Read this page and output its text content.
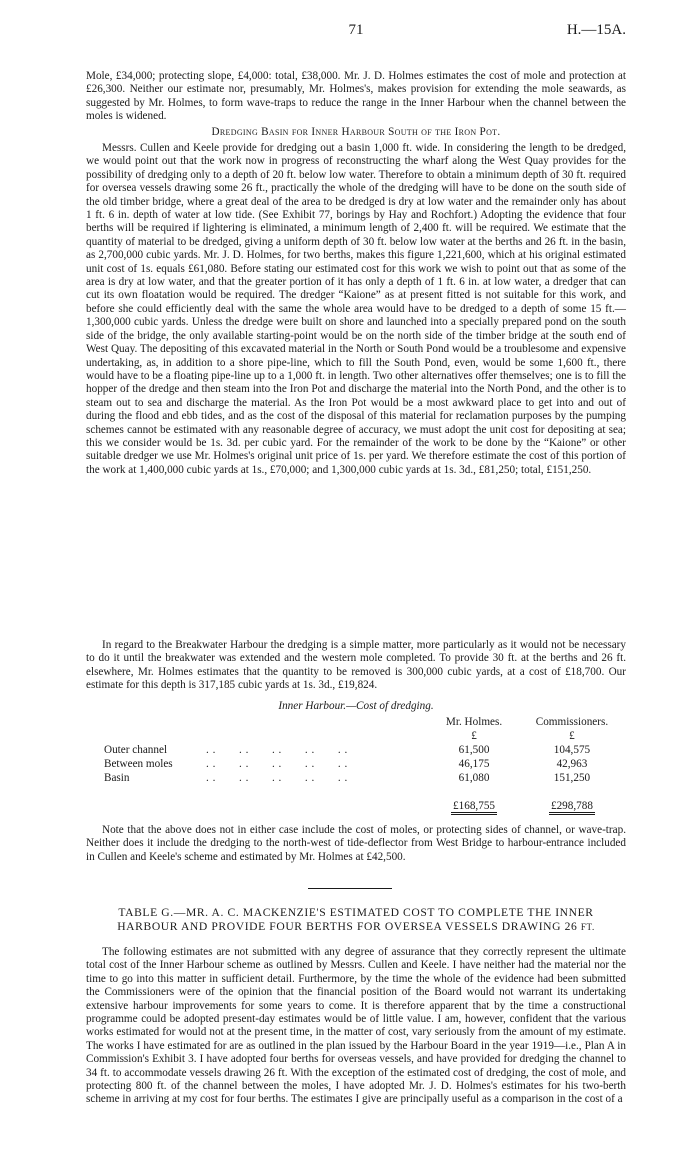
71	H.—15A.
Mole, £34,000; protecting slope, £4,000: total, £38,000. Mr. J. D. Holmes estimates the cost of mole and protection at £26,300. Neither our estimate nor, presumably, Mr. Holmes's, makes provision for extending the mole seawards, as suggested by Mr. Holmes, to form wave-traps to reduce the range in the Inner Harbour when the channel between the moles is widened.
Dredging Basin for Inner Harbour South of the Iron Pot.
Messrs. Cullen and Keele provide for dredging out a basin 1,000 ft. wide. In considering the length to be dredged, we would point out that the work now in progress of reconstructing the wharf along the West Quay provides for the possibility of dredging only to a depth of 20 ft. below low water. Therefore to obtain a minimum depth of 30 ft. required for oversea vessels drawing some 26 ft., practically the whole of the dredging will have to be done on the south side of the old timber bridge, where a great deal of the area to be dredged is dry at low water and the remainder only has about 1 ft. 6 in. depth of water at low tide. (See Exhibit 77, borings by Hay and Rochfort.) Adopting the evidence that four berths will be required if lightering is eliminated, a minimum length of 2,400 ft. will be required. We estimate that the quantity of material to be dredged, giving a uniform depth of 30 ft. below low water at the berths and 26 ft. in the basin, as 2,700,000 cubic yards. Mr. J. D. Holmes, for two berths, makes this figure 1,221,600, which at his original estimated unit cost of 1s. equals £61,080. Before stating our estimated cost for this work we wish to point out that as some of the area is dry at low water, and that the greater portion of it has only a depth of 1 ft. 6 in. at low water, a dredger that can cut its own floatation would be required. The dredger “Kaione” as at present fitted is not suitable for this work, and before she could efficiently deal with the same the whole area would have to be dredged to a depth of some 15 ft.—1,300,000 cubic yards. Unless the dredge were built on shore and launched into a specially prepared pond on the south side of the bridge, the only available starting-point would be on the north side of the timber bridge at the south end of West Quay. The depositing of this excavated material in the North or South Pond would be a troublesome and expensive undertaking, as, in addition to a shore pipe-line, which to fill the South Pond, even, would be some 1,600 ft., there would have to be a floating pipe-line up to a 1,000 ft. in length. Two other alternatives offer themselves; one is to fill the hopper of the dredge and then steam into the Iron Pot and discharge the material into the North Pond, and the other is to steam out to sea and discharge the material. As the Iron Pot would be a most awkward place to get into and out of during the flood and ebb tides, and as the cost of the disposal of this material for reclamation purposes by the pumping schemes cannot be estimated with any reasonable degree of accuracy, we must adopt the unit cost for depositing at sea; this we consider would be 1s. 3d. per cubic yard. For the remainder of the work to be done by the “Kaione” or other suitable dredger we use Mr. Holmes's original unit price of 1s. per yard. We therefore estimate the cost of this portion of the work at 1,400,000 cubic yards at 1s., £70,000; and 1,300,000 cubic yards at 1s. 3d., £81,250; total, £151,250.
In regard to the Breakwater Harbour the dredging is a simple matter, more particularly as it would not be necessary to do it until the breakwater was extended and the western mole completed. To provide 30 ft. at the berths and 26 ft. elsewhere, Mr. Holmes estimates that the quantity to be removed is 300,000 cubic yards, at a cost of £18,700. Our estimate for this depth is 317,185 cubic yards at 1s. 3d., £19,824.
Inner Harbour.—Cost of dredging.
	Mr. Holmes.	Commissioners.
	£	£
Outer channel . .       . .       . .       . .       . .	61,500	104,575
Between moles . .       . .       . .       . .       . .	46,175	42,963
Basin . .       . .       . .       . .       . .	61,080	151,250

	£168,755	£298,788
Note that the above does not in either case include the cost of moles, or protecting sides of channel, or wave-trap. Neither does it include the dredging to the north-west of tide-deflector from West Bridge to harbour-entrance included in Cullen and Keele's scheme and estimated by Mr. Holmes at £42,500.
TABLE G.—MR. A. C. MACKENZIE'S ESTIMATED COST TO COMPLETE THE INNER
HARBOUR AND PROVIDE FOUR BERTHS FOR OVERSEA VESSELS DRAWING 26 FT.
The following estimates are not submitted with any degree of assurance that they correctly represent the ultimate total cost of the Inner Harbour scheme as outlined by Messrs. Cullen and Keele. I have neither had the material nor the time to go into this matter in sufficient detail. Furthermore, by the time the whole of the evidence had been submitted the Commissioners were of the opinion that the financial position of the Board would not warrant its undertaking extensive harbour improvements for some years to come. It is therefore apparent that by the time a constructional programme could be adopted present-day estimates would be of little value. I am, however, confident that the various works estimated for would not at the present time, in the matter of cost, vary seriously from the amount of my estimate. The works I have estimated for are as outlined in the plan issued by the Harbour Board in the year 1919—i.e., Plan A in Commission's Exhibit 3. I have adopted four berths for overseas vessels, and have provided for dredging the channel to 34 ft. to accommodate vessels drawing 26 ft. With the exception of the estimated cost of dredging, the cost of mole, and protecting 800 ft. of the channel between the moles, I have adopted Mr. J. D. Holmes's estimates for his two-berth scheme in arriving at my cost for four berths. The estimates I give are principally useful as a comparison in the cost of a
